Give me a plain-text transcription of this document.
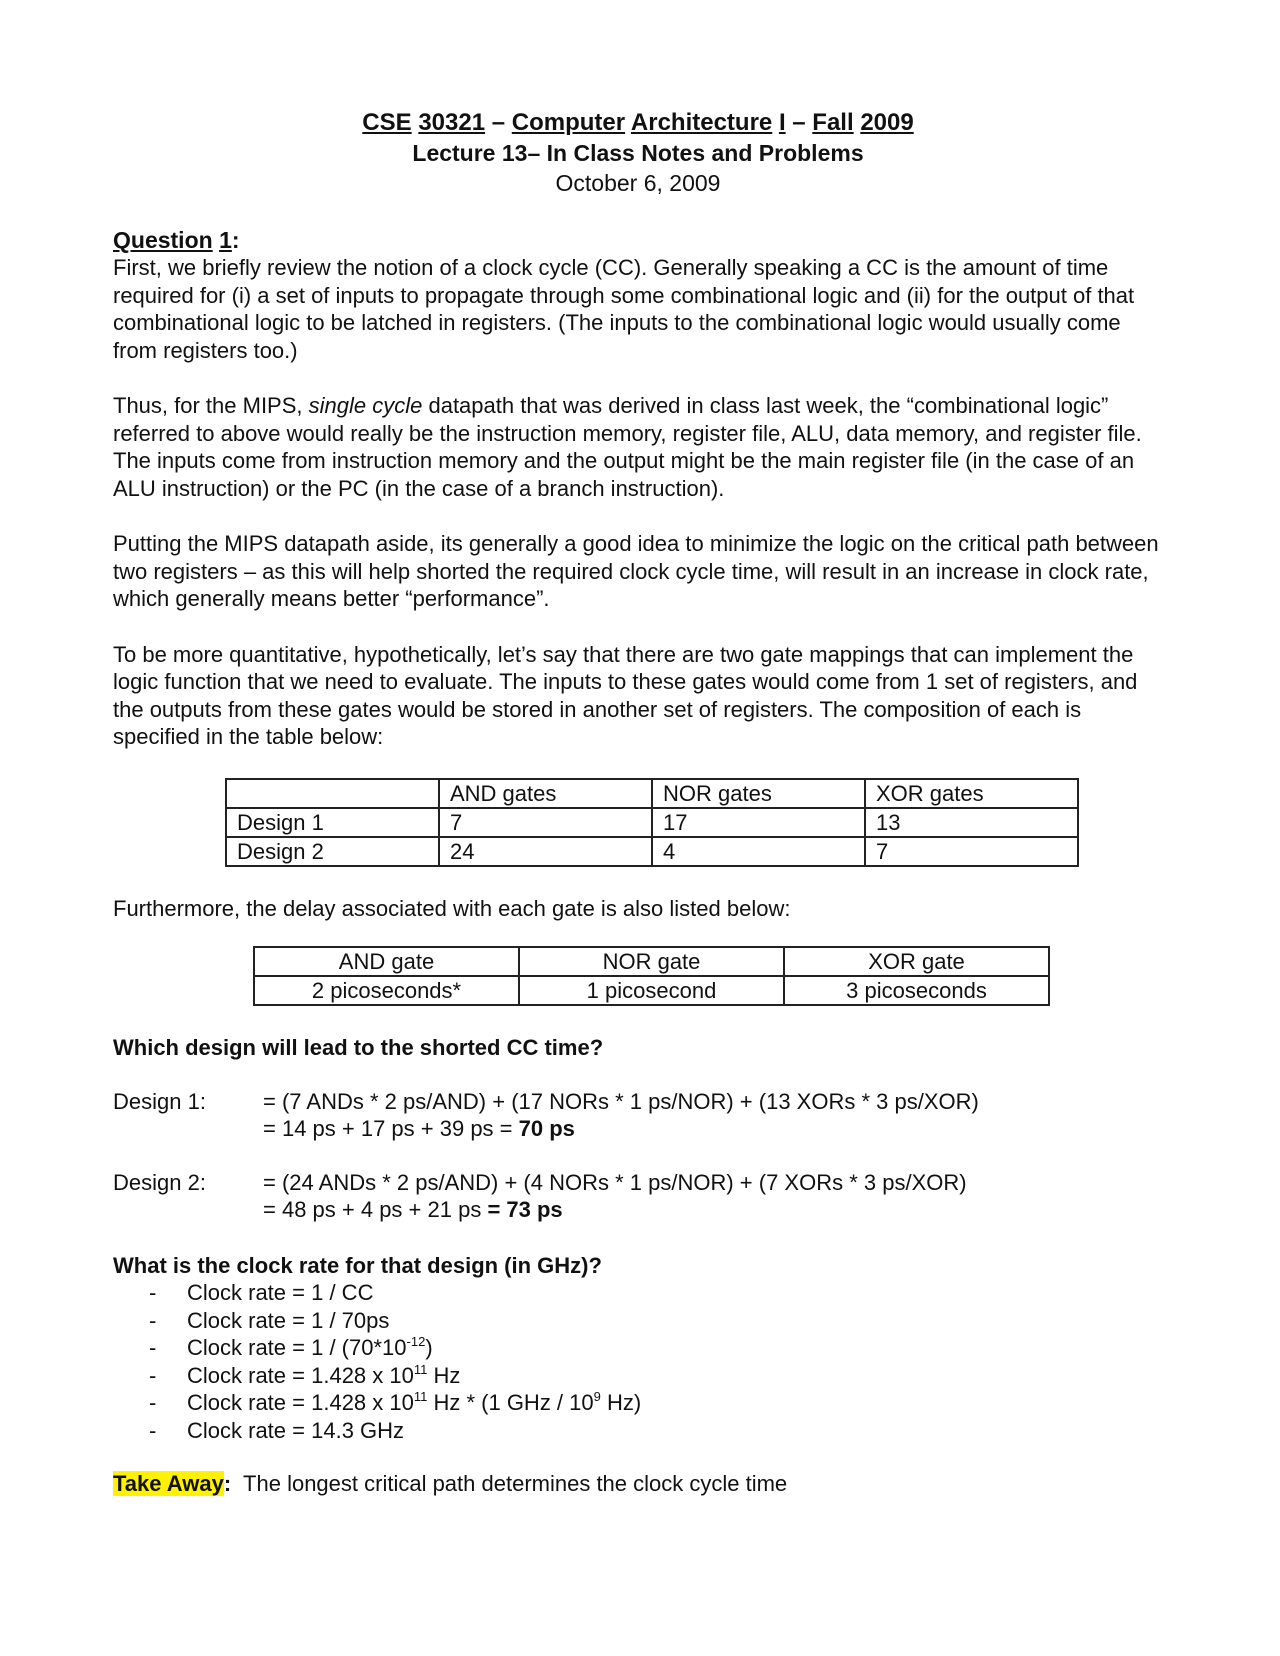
CSE 30321 – Computer Architecture I – Fall 2009
Lecture 13– In Class Notes and Problems
October 6, 2009
Question 1:

First, we briefly review the notion of a clock cycle (CC). Generally speaking a CC is the amount of time required for (i) a set of inputs to propagate through some combinational logic and (ii) for the output of that combinational logic to be latched in registers. (The inputs to the combinational logic would usually come from registers too.)

Thus, for the MIPS, single cycle datapath that was derived in class last week, the “combinational logic” referred to above would really be the instruction memory, register file, ALU, data memory, and register file. The inputs come from instruction memory and the output might be the main register file (in the case of an ALU instruction) or the PC (in the case of a branch instruction).

Putting the MIPS datapath aside, its generally a good idea to minimize the logic on the critical path between two registers – as this will help shorted the required clock cycle time, will result in an increase in clock rate, which generally means better “performance”.

To be more quantitative, hypothetically, let’s say that there are two gate mappings that can implement the logic function that we need to evaluate. The inputs to these gates would come from 1 set of registers, and the outputs from these gates would be stored in another set of registers. The composition of each is specified in the table below:

	AND gates	NOR gates	XOR gates
Design 1	7	17	13
Design 2	24	4	7

Furthermore, the delay associated with each gate is also listed below:

AND gate	NOR gate	XOR gate
2 picoseconds*	1 picosecond	3 picoseconds

Which design will lead to the shorted CC time?

Design 1:	= (7 ANDs * 2 ps/AND) + (17 NORs * 1 ps/NOR) + (13 XORs * 3 ps/XOR)
= 14 ps + 17 ps + 39 ps = 70 ps
Design 2:	= (24 ANDs * 2 ps/AND) + (4 NORs * 1 ps/NOR) + (7 XORs * 3 ps/XOR)
= 48 ps + 4 ps + 21 ps = 73 ps

What is the clock rate for that design (in GHz)?

- Clock rate = 1 / CC
- Clock rate = 1 / 70ps
- Clock rate = $1 / (70*10^{-12})$
- Clock rate = 1.428 x $10^{11}$ Hz
- Clock rate = 1.428 x $10^{11}$ Hz * (1 GHz / $10^9$ Hz)
- Clock rate = 14.3 GHz

Take Away:  The longest critical path determines the clock cycle time
